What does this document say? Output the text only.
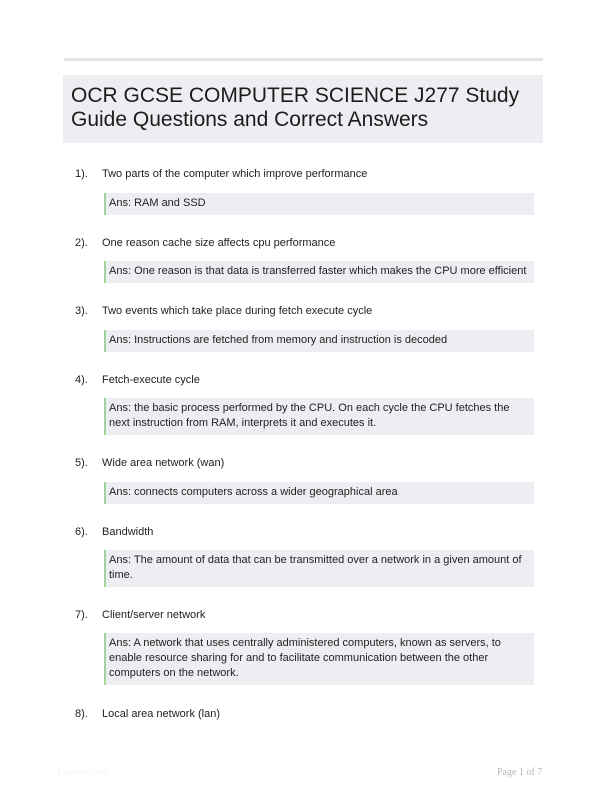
OCR GCSE COMPUTER SCIENCE J277 Study Guide Questions and Correct Answers
1). Two parts of the computer which improve performance
Ans: RAM and SSD
2). One reason cache size affects cpu performance
Ans: One reason is that data is transferred faster which makes the CPU more efficient
3). Two events which take place during fetch execute cycle
Ans: Instructions are fetched from memory and instruction is decoded
4). Fetch-execute cycle
Ans: the basic process performed by the CPU. On each cycle the CPU fetches the next instruction from RAM, interprets it and executes it.
5). Wide area network (wan)
Ans: connects computers across a wider geographical area
6). Bandwidth
Ans: The amount of data that can be transmitted over a network in a given amount of time.
7). Client/server network
Ans: A network that uses centrally administered computers, known as servers, to enable resource sharing for and to facilitate communication between the other computers on the network.
8). Local area network (lan)
Paperitbe.com	Page 1 of 7
